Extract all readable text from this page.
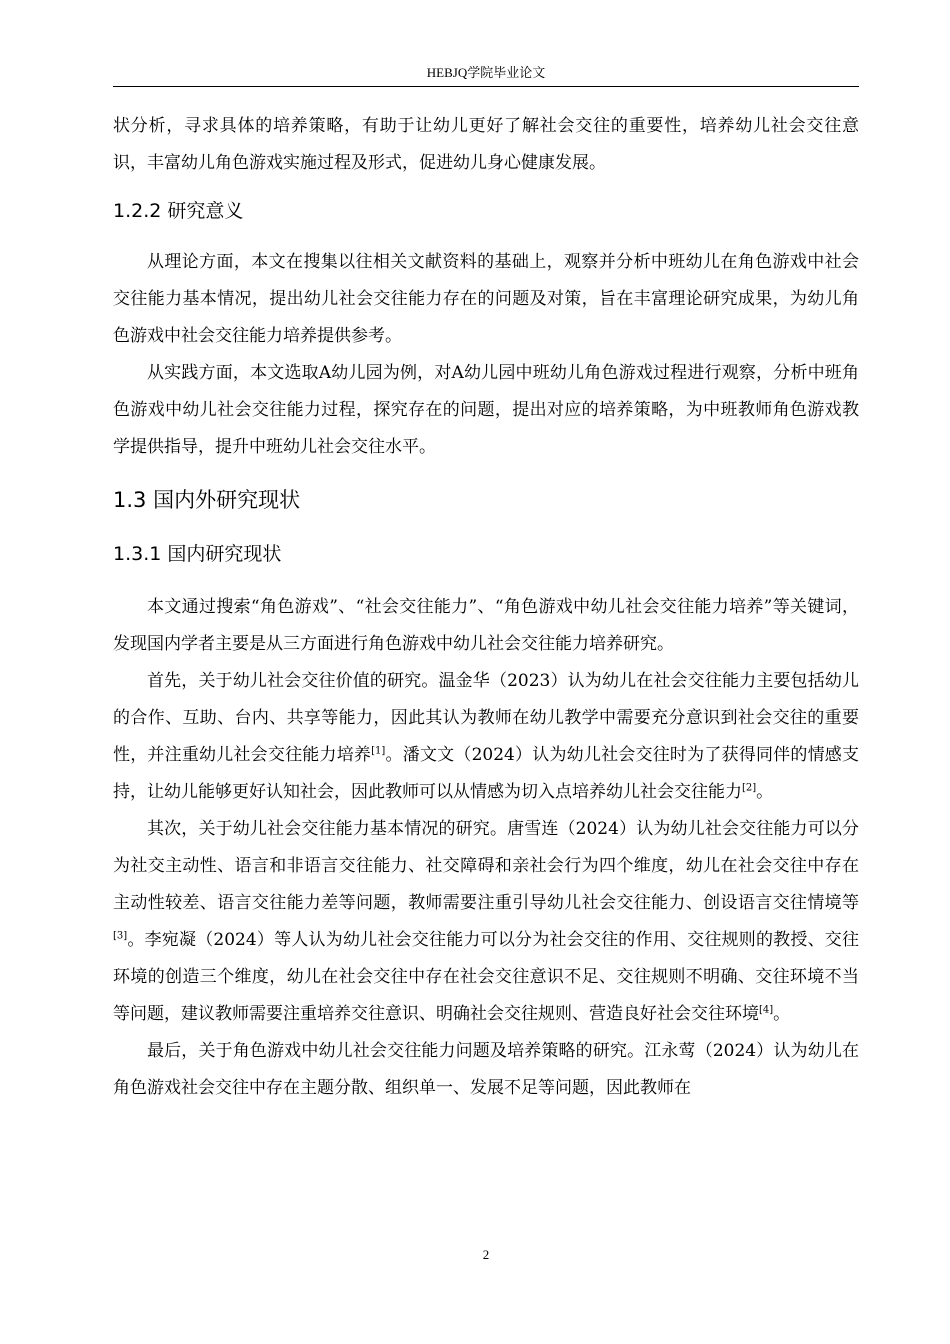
HEBJQ学院毕业论文

状分析，寻求具体的培养策略，有助于让幼儿更好了解社会交往的重要性，培养幼儿社会交往意识，丰富幼儿角色游戏实施过程及形式，促进幼儿身心健康发展。

1.2.2 研究意义

从理论方面，本文在搜集以往相关文献资料的基础上，观察并分析中班幼儿在角色游戏中社会交往能力基本情况，提出幼儿社会交往能力存在的问题及对策，旨在丰富理论研究成果，为幼儿角色游戏中社会交往能力培养提供参考。

从实践方面，本文选取A幼儿园为例，对A幼儿园中班幼儿角色游戏过程进行观察，分析中班角色游戏中幼儿社会交往能力过程，探究存在的问题，提出对应的培养策略，为中班教师角色游戏教学提供指导，提升中班幼儿社会交往水平。

1.3 国内外研究现状
1.3.1 国内研究现状

本文通过搜索“角色游戏”、“社会交往能力”、“角色游戏中幼儿社会交往能力培养”等关键词，发现国内学者主要是从三方面进行角色游戏中幼儿社会交往能力培养研究。

首先，关于幼儿社会交往价值的研究。温金华（2023）认为幼儿在社会交往能力主要包括幼儿的合作、互助、台内、共享等能力，因此其认为教师在幼儿教学中需要充分意识到社会交往的重要性，并注重幼儿社会交往能力培养[1]。潘文文（2024）认为幼儿社会交往时为了获得同伴的情感支持，让幼儿能够更好认知社会，因此教师可以从情感为切入点培养幼儿社会交往能力[2]。

其次，关于幼儿社会交往能力基本情况的研究。唐雪连（2024）认为幼儿社会交往能力可以分为社交主动性、语言和非语言交往能力、社交障碍和亲社会行为四个维度，幼儿在社会交往中存在主动性较差、语言交往能力差等问题，教师需要注重引导幼儿社会交往能力、创设语言交往情境等[3]。李宛凝（2024）等人认为幼儿社会交往能力可以分为社会交往的作用、交往规则的教授、交往环境的创造三个维度，幼儿在社会交往中存在社会交往意识不足、交往规则不明确、交往环境不当等问题，建议教师需要注重培养交往意识、明确社会交往规则、营造良好社会交往环境[4]。

最后，关于角色游戏中幼儿社会交往能力问题及培养策略的研究。江永莺（2024）认为幼儿在角色游戏社会交往中存在主题分散、组织单一、发展不足等问题，因此教师在

2
